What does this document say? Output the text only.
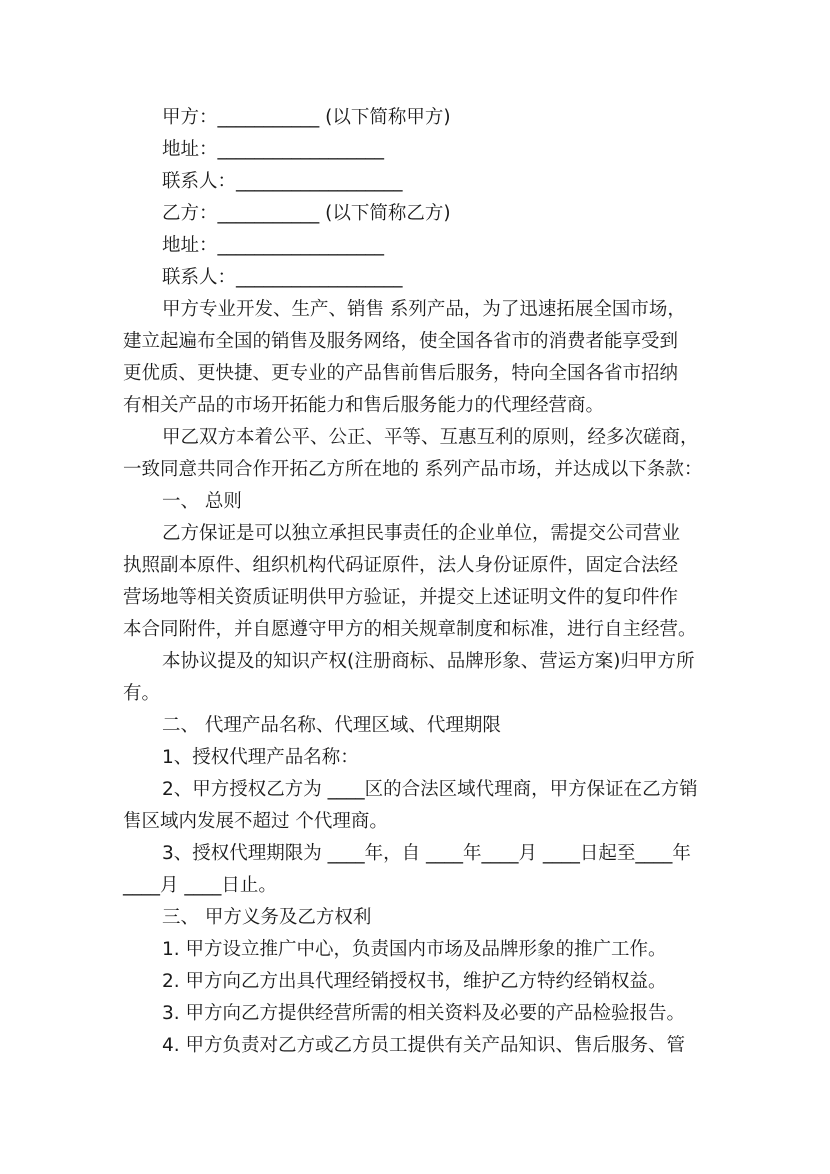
甲方：___________ (以下简称甲方)
地址：__________________
联系人：__________________
乙方：___________ (以下简称乙方)
地址：__________________
联系人：__________________
甲方专业开发、生产、销售 系列产品，为了迅速拓展全国市场，
建立起遍布全国的销售及服务网络，使全国各省市的消费者能享受到
更优质、更快捷、更专业的产品售前售后服务，特向全国各省市招纳
有相关产品的市场开拓能力和售后服务能力的代理经营商。
甲乙双方本着公平、公正、平等、互惠互利的原则，经多次磋商，
一致同意共同合作开拓乙方所在地的 系列产品市场，并达成以下条款：
一、 总则
乙方保证是可以独立承担民事责任的企业单位，需提交公司营业
执照副本原件、组织机构代码证原件，法人身份证原件，固定合法经
营场地等相关资质证明供甲方验证，并提交上述证明文件的复印件作
本合同附件，并自愿遵守甲方的相关规章制度和标准，进行自主经营。
本协议提及的知识产权(注册商标、品牌形象、营运方案)归甲方所
有。
二、 代理产品名称、代理区域、代理期限
1、授权代理产品名称：
2、甲方授权乙方为 ____区的合法区域代理商，甲方保证在乙方销
售区域内发展不超过 个代理商。
3、授权代理期限为 ____年，自 ____年____月 ____日起至____年
____月 ____日止。
三、 甲方义务及乙方权利
1. 甲方设立推广中心，负责国内市场及品牌形象的推广工作。
2. 甲方向乙方出具代理经销授权书，维护乙方特约经销权益。
3. 甲方向乙方提供经营所需的相关资料及必要的产品检验报告。
4. 甲方负责对乙方或乙方员工提供有关产品知识、售后服务、管
